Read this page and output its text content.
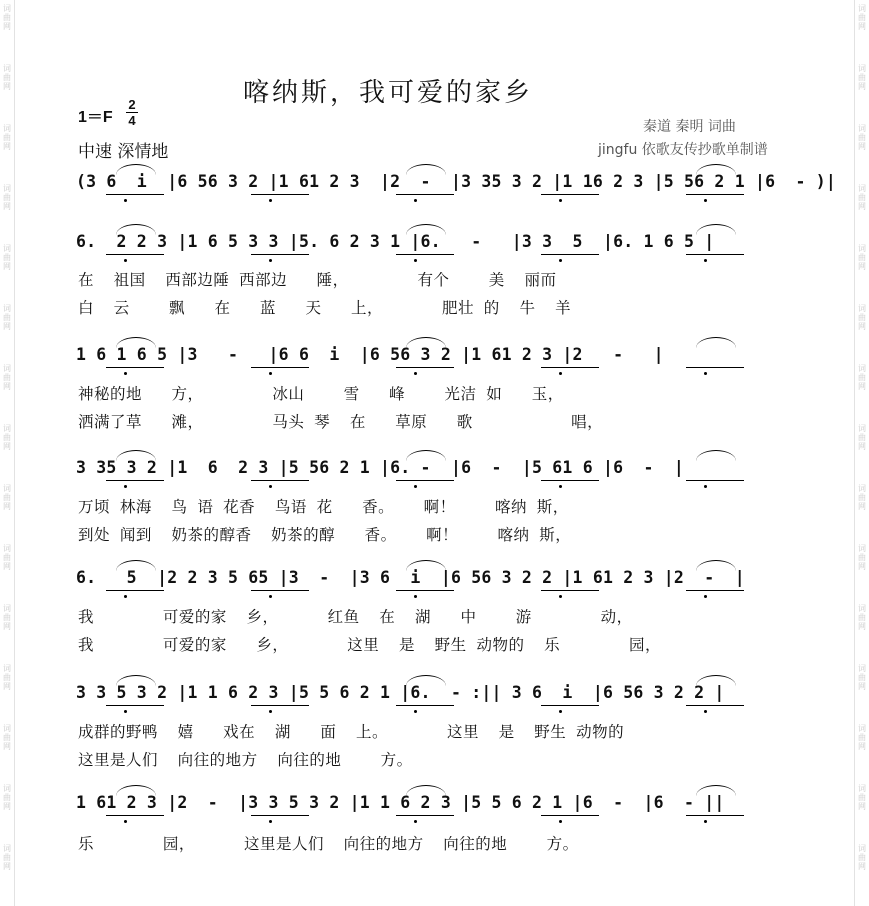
词
曲
网
词
曲
网
词
曲
网
词
曲
网
词
曲
网
词
曲
网
词
曲
网
词
曲
网
词
曲
网
词
曲
网
词
曲
网
词
曲
网
词
曲
网
词
曲
网
词
曲
网
词
曲
网
词
曲
网
词
曲
网
词
曲
网
词
曲
网
词
曲
网
词
曲
网
词
曲
网
词
曲
网
词
曲
网
词
曲
网
词
曲
网
词
曲
网
词
曲
网
词
曲
网
喀纳斯，我可爱的家乡
1＝F
2
4
中速 深情地
秦道 秦明 词曲
jingfu 依歌友传抄歌单制谱
(3 6  i  |6 56 3 2 |1 61 2 3  |2  -  |3 35 3 2 |1 16 2 3 |5 56 2 1 |6  - )|
6.  2 2 3 |1 6 5 3 3 |5. 6 2 3 1 |6.   -   |3 3  5  |6. 1 6 5 |
在  祖国  西部边陲 西部边   陲，       有个    美  丽而
白  云    飘   在   蓝   天   上，      肥壮 的  牛  羊
1 6 1 6 5 |3   -   |6 6  i  |6 56 3 2 |1 61 2 3 |2   -   |
神秘的地   方，       冰山    雪   峰    光洁 如   玉，
洒满了草   滩，       马头 琴  在   草原   歌          唱，
3 35 3 2 |1  6  2 3 |5 56 2 1 |6. -  |6  -  |5 61 6 |6  -  |
万顷 林海  鸟 语 花香  鸟语 花   香。   啊！    喀纳 斯，
到处 闻到  奶茶的醇香  奶茶的醇   香。   啊！    喀纳 斯，
6.   5  |2 2 3 5 65 |3  -  |3 6  i  |6 56 3 2 2 |1 61 2 3 |2  -  |
我       可爱的家  乡，     红鱼  在  湖   中    游       动，
我       可爱的家   乡，      这里  是  野生 动物的  乐       园，
3 3 5 3 2 |1 1 6 2 3 |5 5 6 2 1 |6.  - :|| 3 6  i  |6 56 3 2 2 |
成群的野鸭  嬉   戏在  湖   面  上。      这里  是  野生 动物的
这里是人们  向往的地方  向往的地    方。
1 61 2 3 |2  -  |3 3 5 3 2 |1 1 6 2 3 |5 5 6 2 1 |6  -  |6  - ||
乐       园，     这里是人们  向往的地方  向往的地    方。
